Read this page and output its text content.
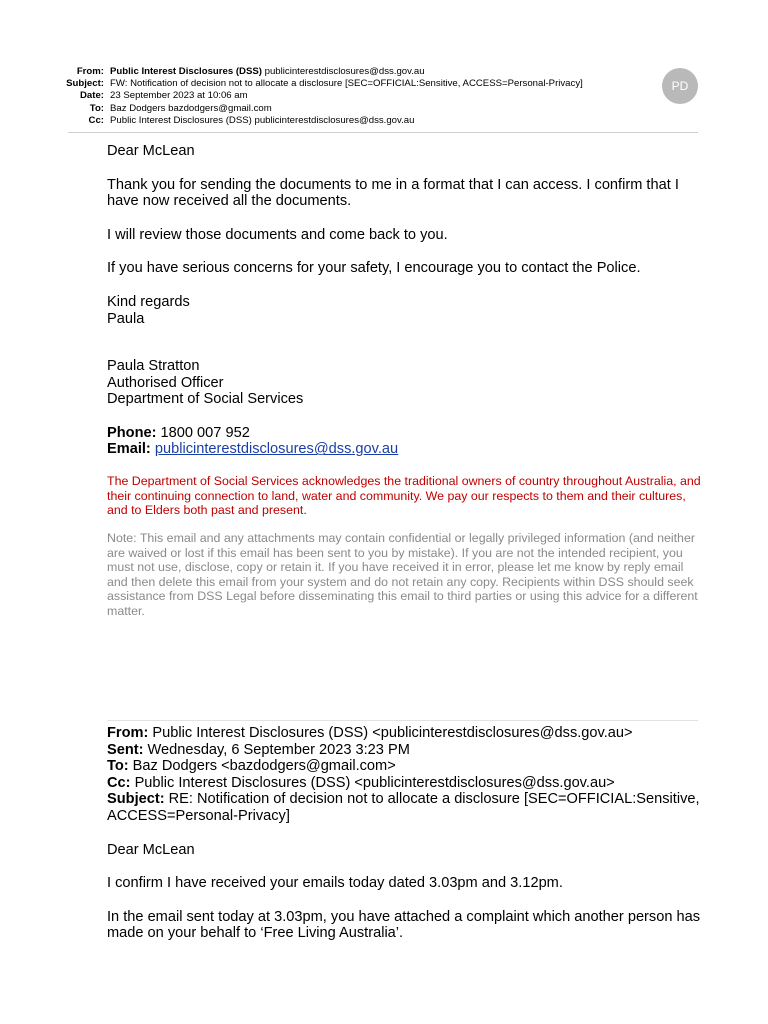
From: Public Interest Disclosures (DSS) publicinterestdisclosures@dss.gov.au
Subject: FW: Notification of decision not to allocate a disclosure [SEC=OFFICIAL:Sensitive, ACCESS=Personal-Privacy]
Date: 23 September 2023 at 10:06 am
To: Baz Dodgers bazdodgers@gmail.com
Cc: Public Interest Disclosures (DSS) publicinterestdisclosures@dss.gov.au
PD

Dear McLean

Thank you for sending the documents to me in a format that I can access. I confirm that I have now received all the documents.

I will review those documents and come back to you.

If you have serious concerns for your safety, I encourage you to contact the Police.

Kind regards

Paula

Paula Stratton

Authorised Officer

Department of Social Services

Phone: 1800 007 952

Email: publicinterestdisclosures@dss.gov.au

The Department of Social Services acknowledges the traditional owners of country throughout Australia, and their continuing connection to land, water and community. We pay our respects to them and their cultures, and to Elders both past and present.
Note: This email and any attachments may contain confidential or legally privileged information (and neither are waived or lost if this email has been sent to you by mistake). If you are not the intended recipient, you must not use, disclose, copy or retain it. If you have received it in error, please let me know by reply email and then delete this email from your system and do not retain any copy. Recipients within DSS should seek assistance from DSS Legal before disseminating this email to third parties or using this advice for a different matter.

From: Public Interest Disclosures (DSS) <publicinterestdisclosures@dss.gov.au>

Sent: Wednesday, 6 September 2023 3:23 PM

To: Baz Dodgers <bazdodgers@gmail.com>

Cc: Public Interest Disclosures (DSS) <publicinterestdisclosures@dss.gov.au>

Subject: RE: Notification of decision not to allocate a disclosure [SEC=OFFICIAL:Sensitive, ACCESS=Personal-Privacy]

Dear McLean

I confirm I have received your emails today dated 3.03pm and 3.12pm.

In the email sent today at 3.03pm, you have attached a complaint which another person has made on your behalf to ‘Free Living Australia’.
